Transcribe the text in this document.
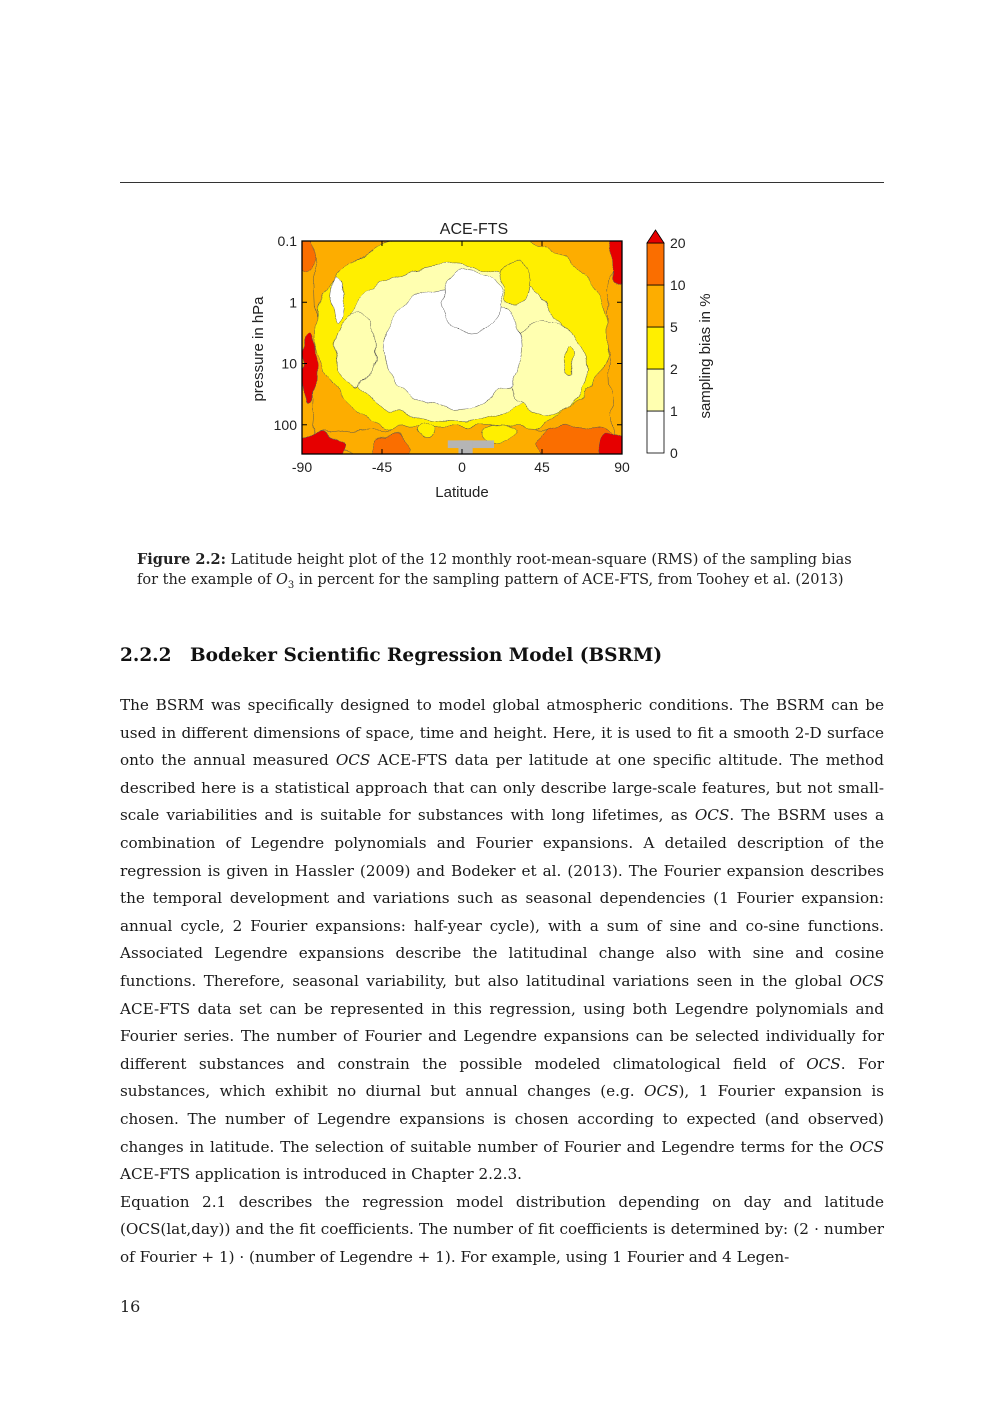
ACE-FTS
Latitude
pressure in hPa
-90	-45	0	45	90
0.1
1
10
100
0
1
2
5
10
20
sampling bias in %
Figure 2.2: Latitude height plot of the 12 monthly root-mean-square (RMS) of the sampling bias for the example of $O_3$ in percent for the sampling pattern of ACE-FTS, from Toohey et al. (2013)
2.2.2 Bodeker Scientific Regression Model (BSRM)

The BSRM was specifically designed to model global atmospheric conditions. The BSRM can be used in different dimensions of space, time and height. Here, it is used to fit a smooth 2-D surface onto the annual measured OCS ACE-FTS data per latitude at one specific altitude. The method described here is a statistical approach that can only describe large-scale features, but not small-scale variabilities and is suitable for substances with long lifetimes, as OCS. The BSRM uses a combination of Legendre polynomials and Fourier expansions. A detailed description of the regression is given in Hassler (2009) and Bodeker et al. (2013). The Fourier expansion describes the temporal development and variations such as seasonal dependencies (1 Fourier expansion: annual cycle, 2 Fourier expansions: half-year cycle), with a sum of sine and co-sine functions. Associated Legendre expansions describe the latitudinal change also with sine and cosine functions. Therefore, seasonal variability, but also latitudinal variations seen in the global OCS ACE-FTS data set can be represented in this regression, using both Legendre polynomials and Fourier series. The number of Fourier and Legendre expansions can be selected individually for different substances and constrain the possible modeled climatological field of OCS. For substances, which exhibit no diurnal but annual changes (e.g. OCS), 1 Fourier expansion is chosen. The number of Legendre expansions is chosen according to expected (and observed) changes in latitude. The selection of suitable number of Fourier and Legendre terms for the OCS ACE-FTS application is introduced in Chapter 2.2.3.

Equation 2.1 describes the regression model distribution depending on day and latitude (OCS(lat,day)) and the fit coefficients. The number of fit coefficients is determined by: (2 · number of Fourier + 1) · (number of Legendre + 1). For example, using 1 Fourier and 4 Legen-

16
